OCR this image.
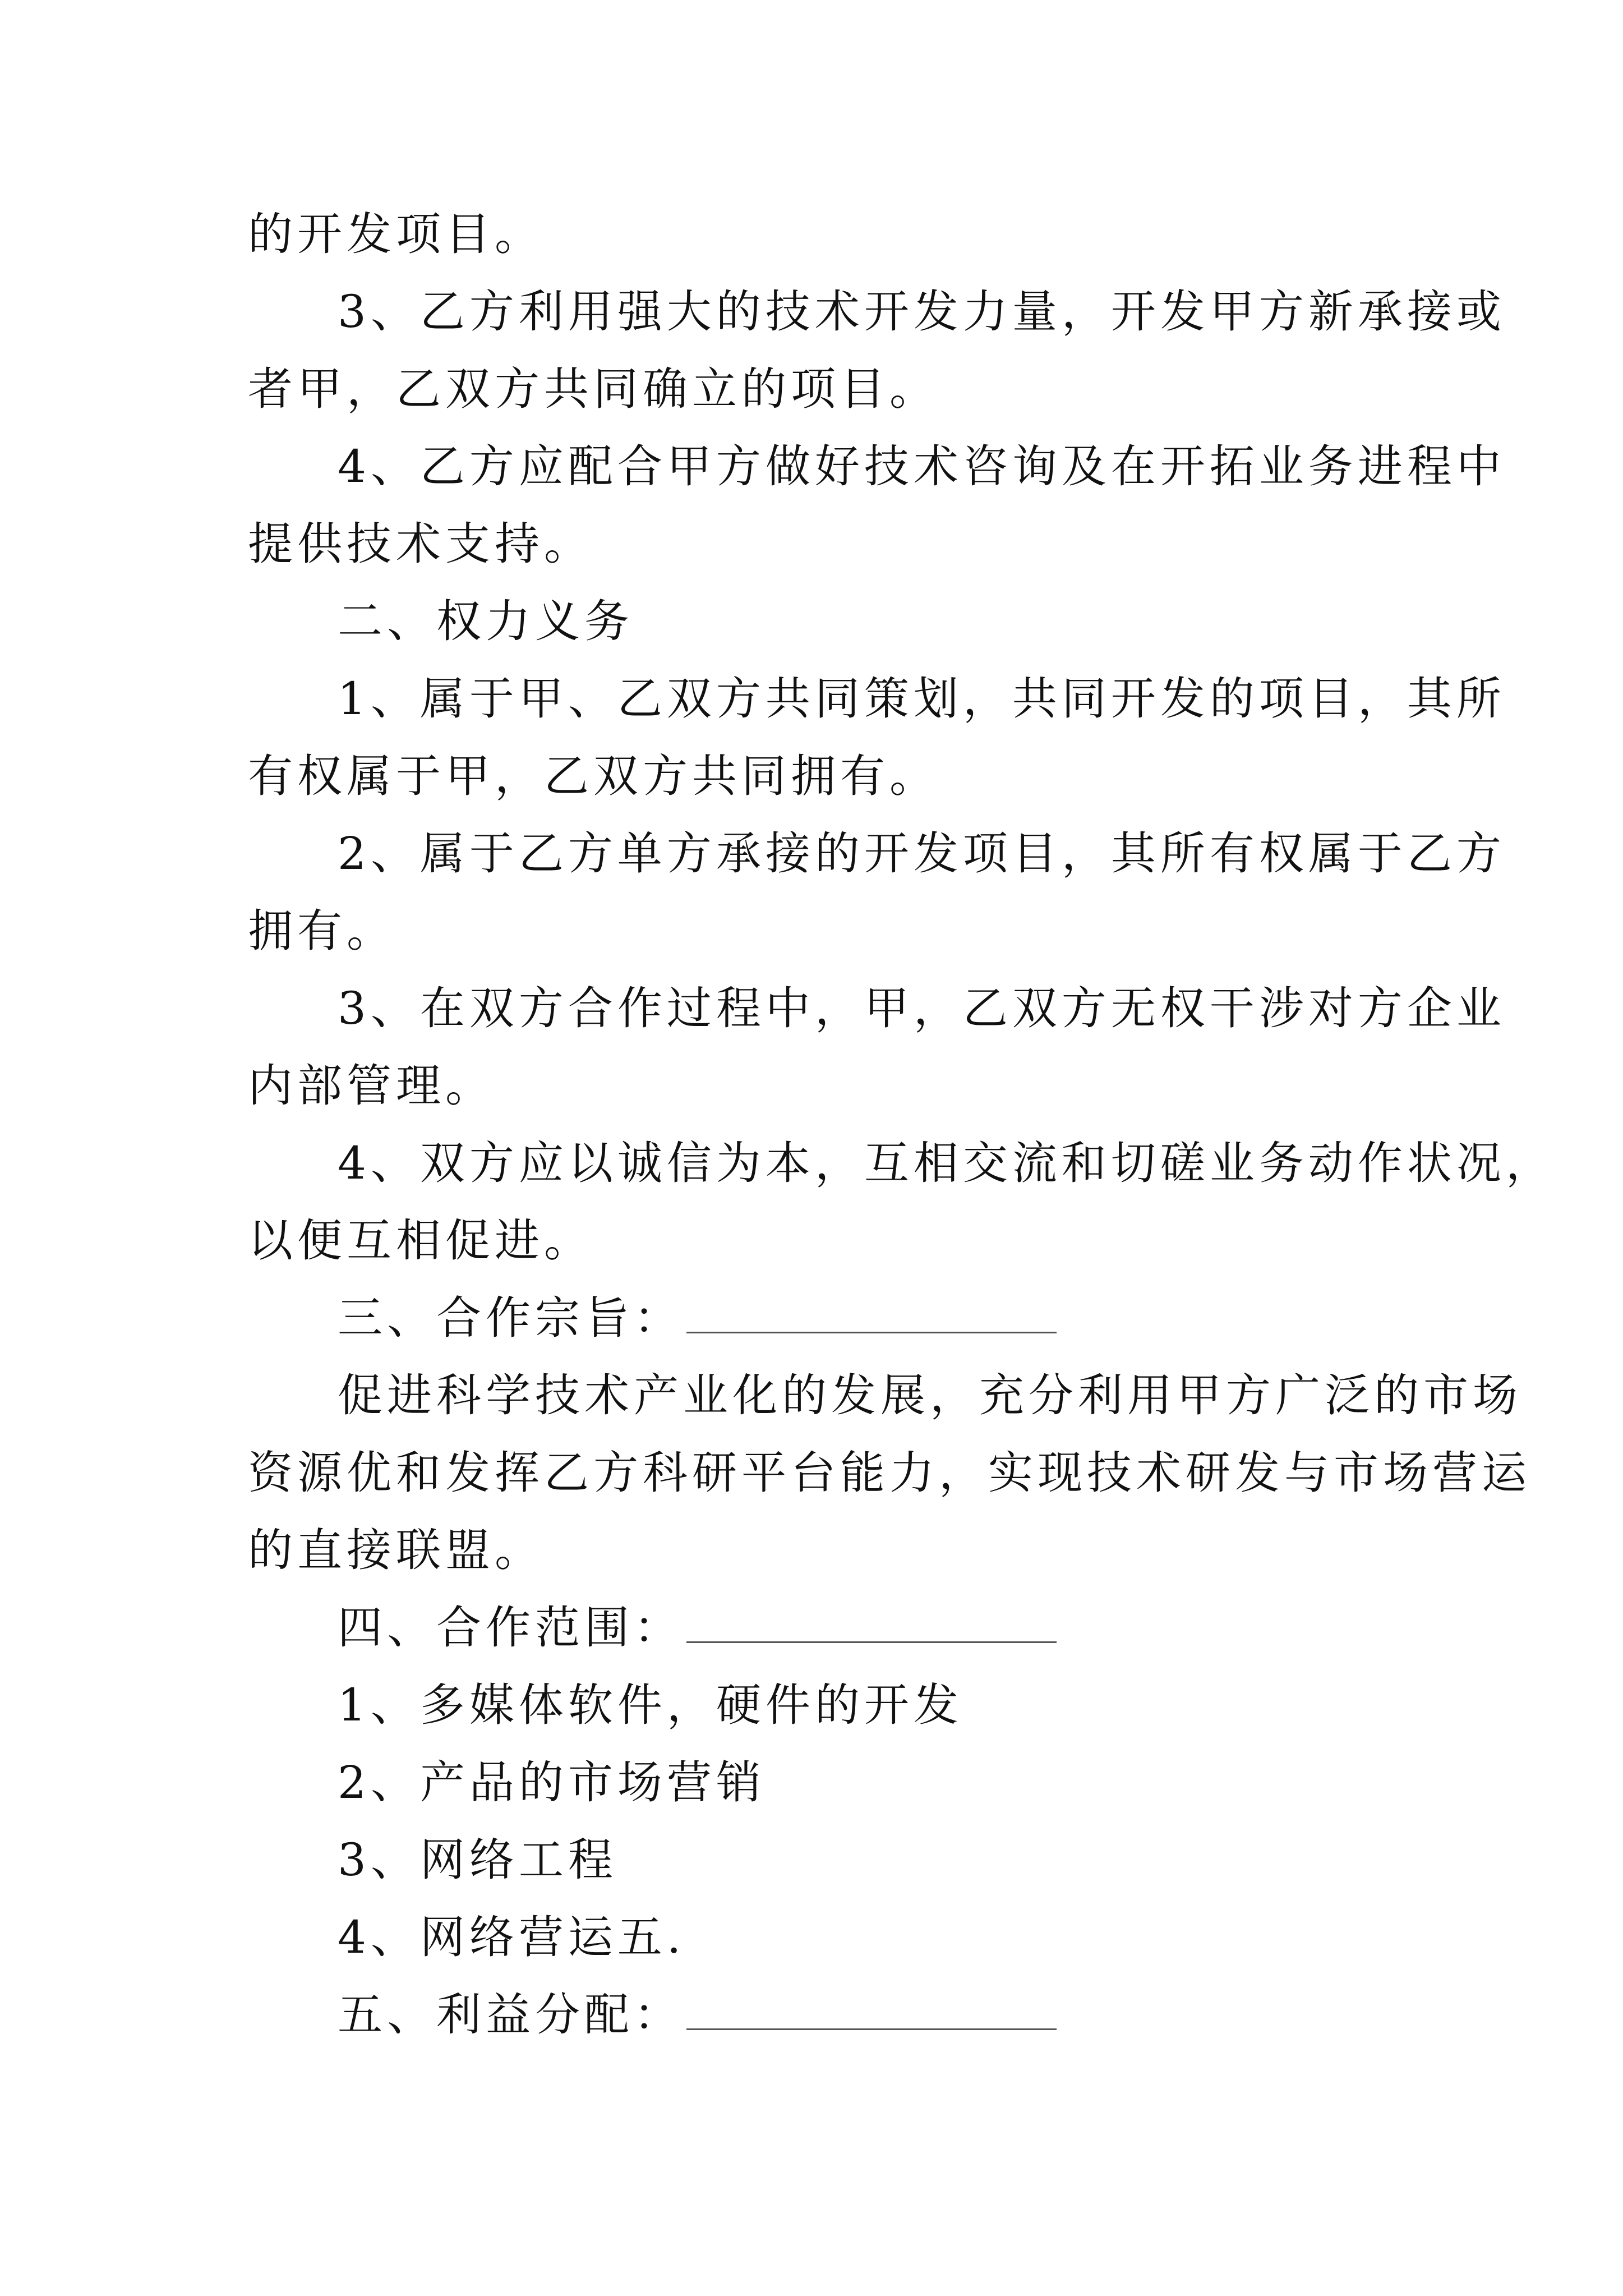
的开发项目。
3、乙方利用强大的技术开发力量，开发甲方新承接或
者甲，乙双方共同确立的项目。
4、乙方应配合甲方做好技术咨询及在开拓业务进程中
提供技术支持。
二、权力义务
1、属于甲、乙双方共同策划，共同开发的项目，其所
有权属于甲，乙双方共同拥有。
2、属于乙方单方承接的开发项目，其所有权属于乙方
拥有。
3、在双方合作过程中，甲，乙双方无权干涉对方企业
内部管理。
4、双方应以诚信为本，互相交流和切磋业务动作状况，
以便互相促进。
三、合作宗旨：
促进科学技术产业化的发展，充分利用甲方广泛的市场
资源优和发挥乙方科研平台能力，实现技术研发与市场营运
的直接联盟。
四、合作范围：
1、多媒体软件，硬件的开发
2、产品的市场营销
3、网络工程
4、网络营运五.
五、利益分配：
